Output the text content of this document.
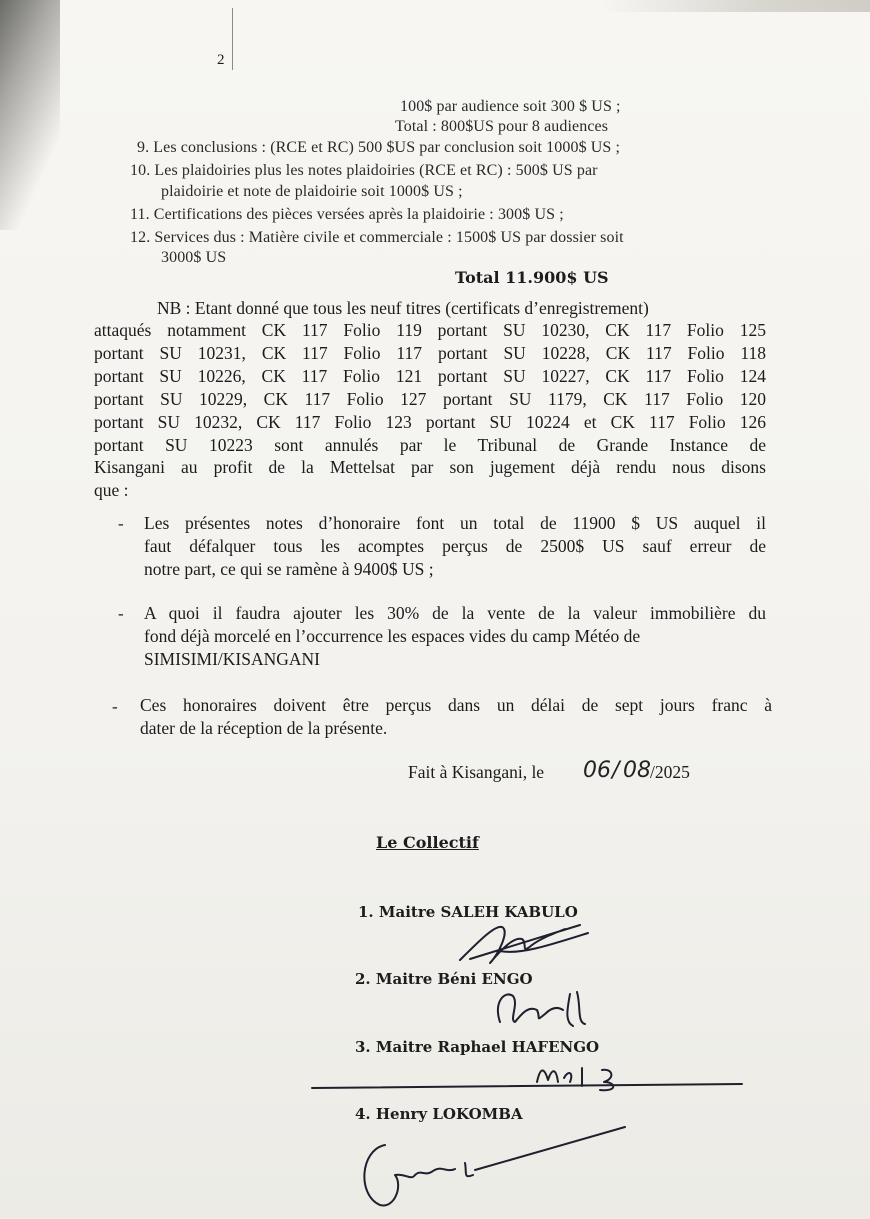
2
100$ par audience soit 300 $ US ;
Total : 800$US pour 8 audiences
9. Les conclusions : (RCE et RC) 500 $US par conclusion soit 1000$ US ;
10. Les plaidoiries plus les notes plaidoiries (RCE et RC) : 500$ US par
plaidoirie et note de plaidoirie soit 1000$ US ;
11. Certifications des pièces versées après la plaidoirie : 300$ US ;
12. Services dus : Matière civile et commerciale : 1500$ US par dossier soit
3000$ US
Total 11.900$ US
NB : Etant donné que tous les neuf titres (certificats d’enregistrement)
attaqués notamment CK 117 Folio 119 portant SU 10230, CK 117 Folio 125
portant SU 10231, CK 117 Folio 117 portant SU 10228, CK 117 Folio 118
portant SU 10226, CK 117 Folio 121 portant SU 10227, CK 117 Folio 124
portant SU 10229, CK 117 Folio 127 portant SU 1179, CK 117 Folio 120
portant SU 10232, CK 117 Folio 123 portant SU 10224 et CK 117 Folio 126
portant SU 10223 sont annulés par le Tribunal de Grande Instance de
Kisangani au profit de la Mettelsat par son jugement déjà rendu nous disons
que :
- Les présentes notes d’honoraire font un total de 11900 $ US auquel il
faut défalquer tous les acomptes perçus de 2500$ US sauf erreur de
notre part, ce qui se ramène à 9400$ US ;
- A quoi il faudra ajouter les 30% de la vente de la valeur immobilière du
fond déjà morcelé en l’occurrence les espaces vides du camp Météo de
SIMISIMI/KISANGANI
- Ces honoraires doivent être perçus dans un délai de sept jours franc à
dater de la réception de la présente.
Fait à Kisangani, le 06 / 08 /2025
Le Collectif
1. Maitre SALEH KABULO
2. Maitre Béni ENGO
3. Maitre Raphael HAFENGO
4. Henry LOKOMBA
